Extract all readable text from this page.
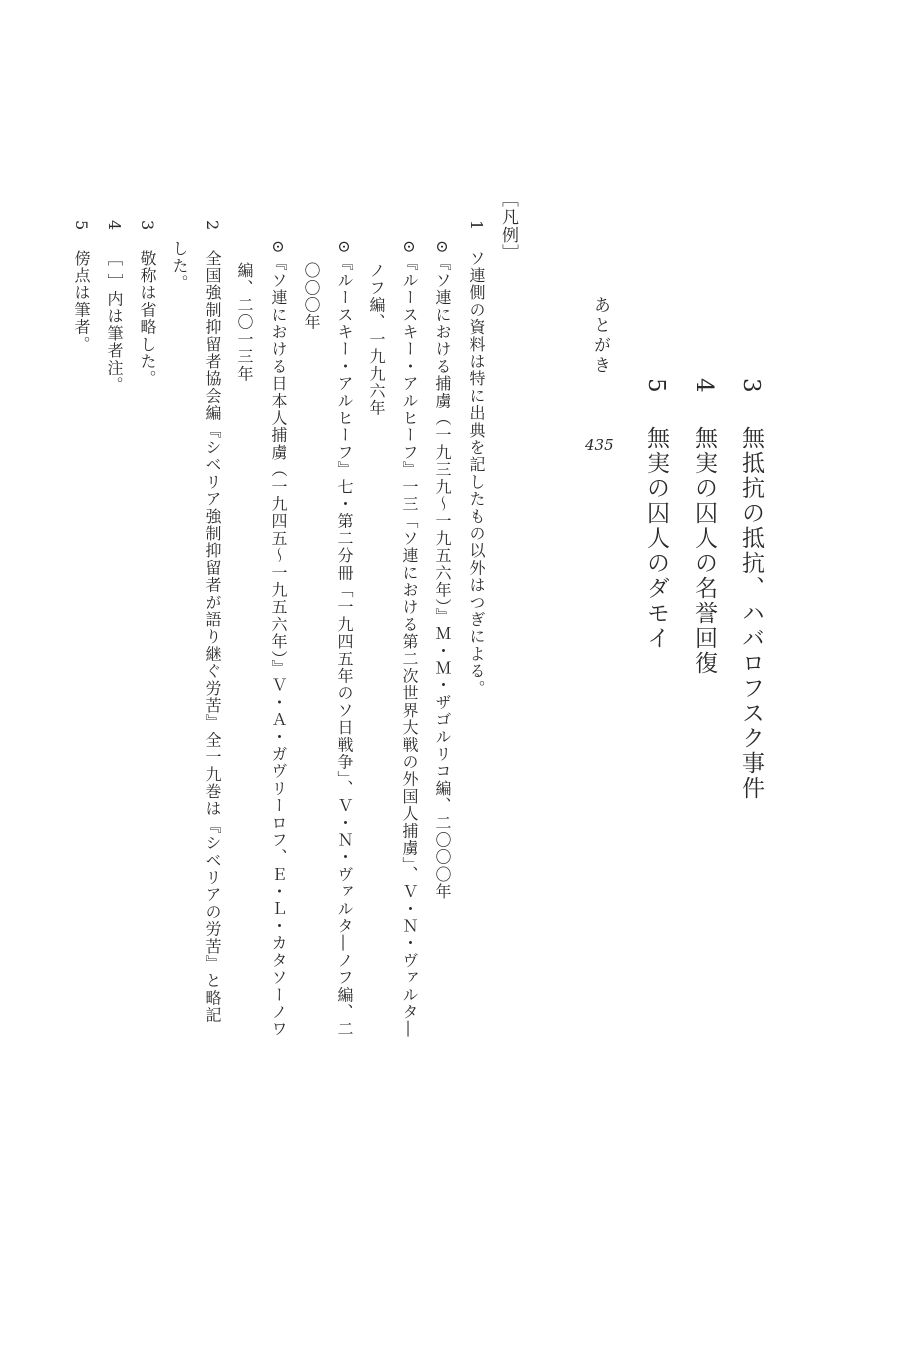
3 無抵抗の抵抗、ハバロフスク事件
4 無実の囚人の名誉回復
5 無実の囚人のダモイ
あとがき
435
［凡例］
1 ソ連側の資料は特に出典を記したもの以外はつぎによる。
⊙『ソ連における捕虜（一九三九～一九五六年）』Ｍ・Ｍ・ザゴルリコ編、二〇〇〇年
⊙『ルースキー・アルヒーフ』一三「ソ連における第二次世界大戦の外国人捕虜」、Ｖ・Ｎ・ヴァルタ―
ノフ編、一九九六年
⊙『ルースキー・アルヒーフ』七・第二分冊「一九四五年のソ日戦争」、Ｖ・Ｎ・ヴァルタ―ノフ編、二
〇〇〇年
⊙『ソ連における日本人捕虜（一九四五～一九五六年）』Ｖ・Ａ・ガヴリーロフ、Ｅ・Ｌ・カタソーノワ
編、二〇一三年
2 全国強制抑留者協会編『シベリア強制抑留者が語り継ぐ労苦』全一九巻は『シベリアの労苦』と略記
した。
3 敬称は省略した。
4 ［ ］内は筆者注。
5 傍点は筆者。
